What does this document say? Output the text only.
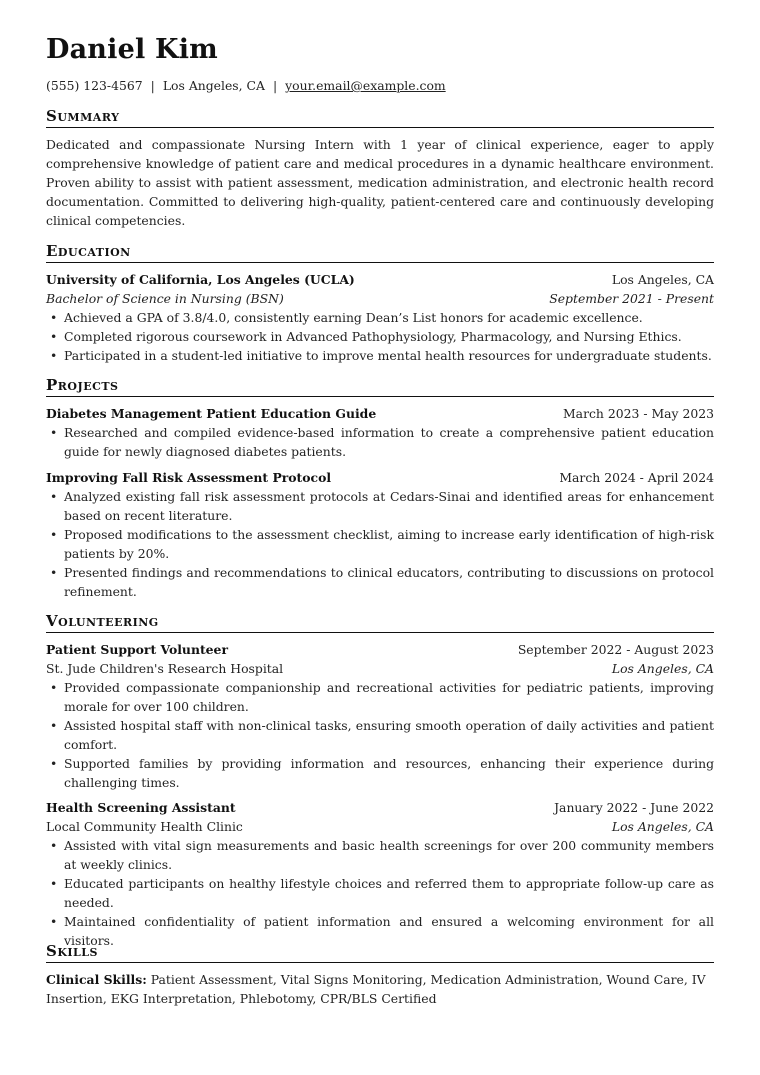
Daniel Kim
(555) 123-4567 | Los Angeles, CA | your.email@example.com
Summary

Dedicated and compassionate Nursing Intern with 1 year of clinical experience, eager to apply comprehensive knowledge of patient care and medical procedures in a dynamic healthcare environment. Proven ability to assist with patient assessment, medication administration, and electronic health record documentation. Committed to delivering high-quality, patient-centered care and continuously developing clinical competencies.

Education
University of California, Los Angeles (UCLA)	Los Angeles, CA
Bachelor of Science in Nursing (BSN)	September 2021 - Present
• Achieved a GPA of 3.8/4.0, consistently earning Dean’s List honors for academic excellence.
• Completed rigorous coursework in Advanced Pathophysiology, Pharmacology, and Nursing Ethics.
• Participated in a student-led initiative to improve mental health resources for undergraduate students.
Projects
Diabetes Management Patient Education Guide	March 2023 - May 2023
• Researched and compiled evidence-based information to create a comprehensive patient education guide for newly diagnosed diabetes patients.
Improving Fall Risk Assessment Protocol	March 2024 - April 2024
• Analyzed existing fall risk assessment protocols at Cedars-Sinai and identified areas for enhancement based on recent literature.
• Proposed modifications to the assessment checklist, aiming to increase early identification of high-risk patients by 20%.
• Presented findings and recommendations to clinical educators, contributing to discussions on protocol refinement.
Volunteering
Patient Support Volunteer	September 2022 - August 2023
St. Jude Children's Research Hospital	Los Angeles, CA
• Provided compassionate companionship and recreational activities for pediatric patients, improving morale for over 100 children.
• Assisted hospital staff with non-clinical tasks, ensuring smooth operation of daily activities and patient comfort.
• Supported families by providing information and resources, enhancing their experience during challenging times.
Health Screening Assistant	January 2022 - June 2022
Local Community Health Clinic	Los Angeles, CA
• Assisted with vital sign measurements and basic health screenings for over 200 community members at weekly clinics.
• Educated participants on healthy lifestyle choices and referred them to appropriate follow-up care as needed.
• Maintained confidentiality of patient information and ensured a welcoming environment for all visitors.
Skills

Clinical Skills: Patient Assessment, Vital Signs Monitoring, Medication Administration, Wound Care, IV Insertion, EKG Interpretation, Phlebotomy, CPR/BLS Certified
